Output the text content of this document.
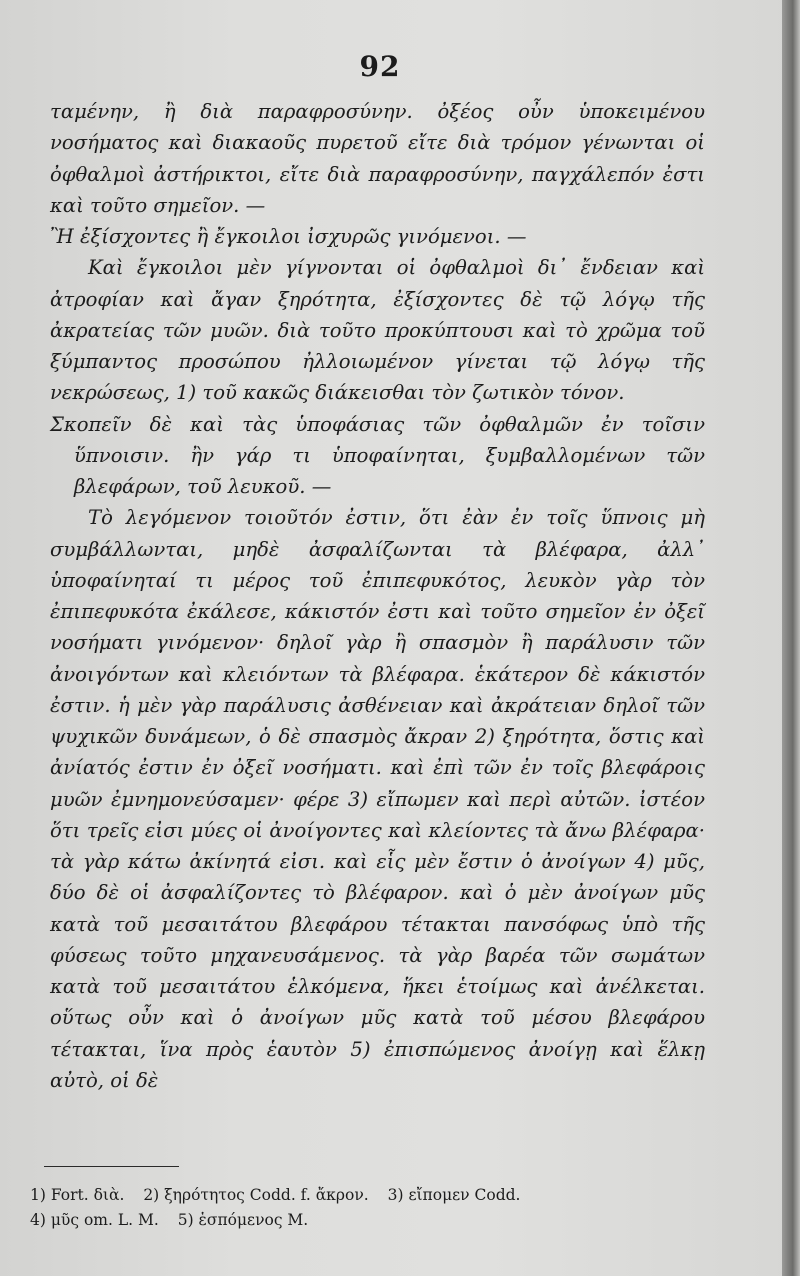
92

ταμένην, ἢ διὰ παραφροσύνην. ὀξέος οὖν ὑποκειμένου νοσήματος καὶ διακαοῦς πυρετοῦ εἴτε διὰ τρόμον γένωνται οἱ ὀφθαλμοὶ ἀστήρικτοι, εἴτε διὰ παραφροσύνην, παγχάλεπόν ἐστι καὶ τοῦτο σημεῖον. —

Ἢ ἐξίσχοντες ἢ ἔγκοιλοι ἰσχυρῶς γινόμενοι. —

Καὶ ἔγκοιλοι μὲν γίγνονται οἱ ὀφθαλμοὶ δι᾽ ἔνδειαν καὶ ἀτροφίαν καὶ ἄγαν ξηρότητα, ἐξίσχοντες δὲ τῷ λόγῳ τῆς ἀκρατείας τῶν μυῶν. διὰ τοῦτο προκύπτουσι καὶ τὸ χρῶμα τοῦ ξύμπαντος προσώπου ἠλλοιωμένον γίνεται τῷ λόγῳ τῆς νεκρώσεως, 1) τοῦ κακῶς διάκεισθαι τὸν ζωτικὸν τόνον.

Σκοπεῖν δὲ καὶ τὰς ὑποφάσιας τῶν ὀφθαλμῶν ἐν τοῖσιν ὕπνοισιν. ἢν γάρ τι ὑποφαίνηται, ξυμβαλλομένων τῶν βλεφάρων, τοῦ λευκοῦ. —

Τὸ λεγόμενον τοιοῦτόν ἐστιν, ὅτι ἐὰν ἐν τοῖς ὕπνοις μὴ συμβάλλωνται, μηδὲ ἀσφαλίζωνται τὰ βλέφαρα, ἀλλ᾽ ὑποφαίνηταί τι μέρος τοῦ ἐπιπεφυκότος, λευκὸν γὰρ τὸν ἐπιπεφυκότα ἐκάλεσε, κάκιστόν ἐστι καὶ τοῦτο σημεῖον ἐν ὀξεῖ νοσήματι γινόμενον· δηλοῖ γὰρ ἢ σπασμὸν ἢ παράλυσιν τῶν ἀνοιγόντων καὶ κλειόντων τὰ βλέφαρα. ἑκάτερον δὲ κάκιστόν ἐστιν. ἡ μὲν γὰρ παράλυσις ἀσθένειαν καὶ ἀκράτειαν δηλοῖ τῶν ψυχικῶν δυνάμεων, ὁ δὲ σπασμὸς ἄκραν 2) ξηρότητα, ὅστις καὶ ἀνίατός ἐστιν ἐν ὀξεῖ νοσήματι. καὶ ἐπὶ τῶν ἐν τοῖς βλεφάροις μυῶν ἐμνημονεύσαμεν· φέρε 3) εἴπωμεν καὶ περὶ αὐτῶν. ἰστέον ὅτι τρεῖς εἰσι μύες οἱ ἀνοίγοντες καὶ κλείοντες τὰ ἄνω βλέφαρα· τὰ γὰρ κάτω ἀκίνητά εἰσι. καὶ εἷς μὲν ἔστιν ὁ ἀνοίγων 4) μῦς, δύο δὲ οἱ ἀσφαλίζοντες τὸ βλέφαρον. καὶ ὁ μὲν ἀνοίγων μῦς κατὰ τοῦ μεσαιτάτου βλεφάρου τέτακται πανσόφως ὑπὸ τῆς φύσεως τοῦτο μηχανευσάμενος. τὰ γὰρ βαρέα τῶν σωμάτων κατὰ τοῦ μεσαιτάτου ἑλκόμενα, ἥκει ἑτοίμως καὶ ἀνέλκεται. οὕτως οὖν καὶ ὁ ἀνοίγων μῦς κατὰ τοῦ μέσου βλεφάρου τέτακται, ἵνα πρὸς ἑαυτὸν 5) ἐπισπώμενος ἀνοίγῃ καὶ ἕλκῃ αὐτὸ, οἱ δὲ

1) Fort. διὰ. 2) ξηρότητος Codd. f. ἄκρον. 3) εἴπομεν Codd.

4) μῦς om. L. M. 5) ἑσπόμενος M.
